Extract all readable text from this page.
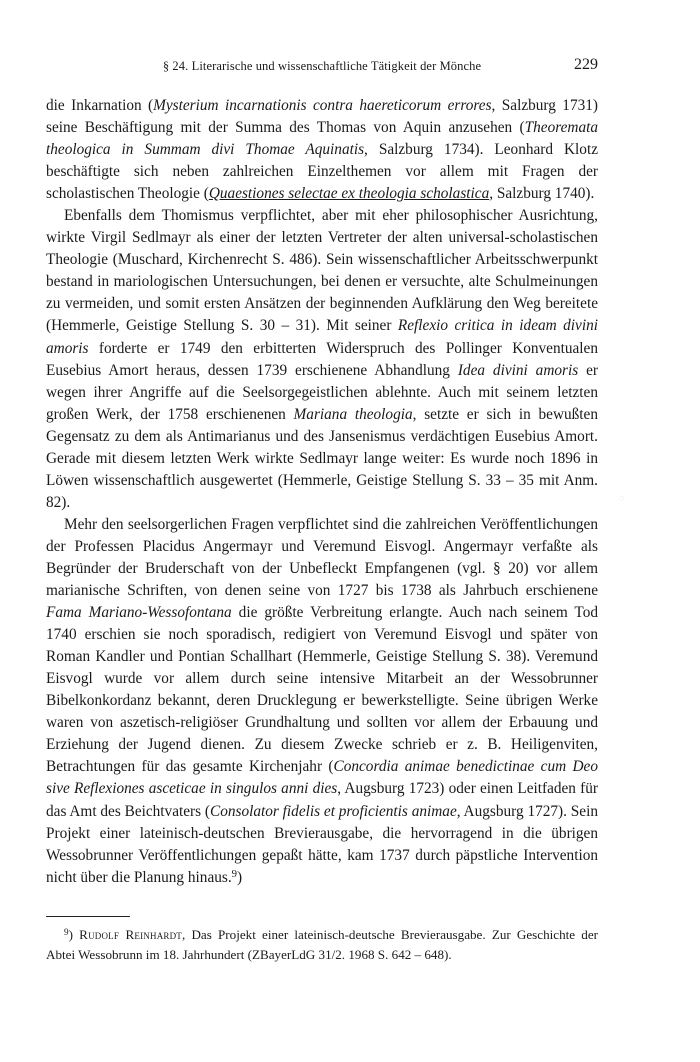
§ 24. Literarische und wissenschaftliche Tätigkeit der Mönche	229

die Inkarnation (Mysterium incarnationis contra haereticorum errores, Salzburg 1731) seine Beschäftigung mit der Summa des Thomas von Aquin anzusehen (Theoremata theologica in Summam divi Thomae Aquinatis, Salzburg 1734). Leonhard Klotz beschäftigte sich neben zahlreichen Einzelthemen vor allem mit Fragen der scholastischen Theologie (Quaestiones selectae ex theologia scholastica, Salzburg 1740).

Ebenfalls dem Thomismus verpflichtet, aber mit eher philosophischer Ausrichtung, wirkte Virgil Sedlmayr als einer der letzten Vertreter der alten universal-scholastischen Theologie (Muschard, Kirchenrecht S. 486). Sein wissenschaftlicher Arbeitsschwerpunkt bestand in mariologischen Untersuchungen, bei denen er versuchte, alte Schulmeinungen zu vermeiden, und somit ersten Ansätzen der beginnenden Aufklärung den Weg bereitete (Hemmerle, Geistige Stellung S. 30 – 31). Mit seiner Reflexio critica in ideam divini amoris forderte er 1749 den erbitterten Widerspruch des Pollinger Konventualen Eusebius Amort heraus, dessen 1739 erschienene Abhandlung Idea divini amoris er wegen ihrer Angriffe auf die Seelsorgegeistlichen ablehnte. Auch mit seinem letzten großen Werk, der 1758 erschienenen Mariana theologia, setzte er sich in bewußten Gegensatz zu dem als Antimarianus und des Jansenismus verdächtigen Eusebius Amort. Gerade mit diesem letzten Werk wirkte Sedlmayr lange weiter: Es wurde noch 1896 in Löwen wissenschaftlich ausgewertet (Hemmerle, Geistige Stellung S. 33 – 35 mit Anm. 82).

Mehr den seelsorgerlichen Fragen verpflichtet sind die zahlreichen Veröffentlichungen der Professen Placidus Angermayr und Veremund Eisvogl. Angermayr verfaßte als Begründer der Bruderschaft von der Unbefleckt Empfangenen (vgl. § 20) vor allem marianische Schriften, von denen seine von 1727 bis 1738 als Jahrbuch erschienene Fama Mariano-Wessofontana die größte Verbreitung erlangte. Auch nach seinem Tod 1740 erschien sie noch sporadisch, redigiert von Veremund Eisvogl und später von Roman Kandler und Pontian Schallhart (Hemmerle, Geistige Stellung S. 38). Veremund Eisvogl wurde vor allem durch seine intensive Mitarbeit an der Wessobrunner Bibelkonkordanz bekannt, deren Drucklegung er bewerkstelligte. Seine übrigen Werke waren von aszetisch-religiöser Grundhaltung und sollten vor allem der Erbauung und Erziehung der Jugend dienen. Zu diesem Zwecke schrieb er z. B. Heiligenviten, Betrachtungen für das gesamte Kirchenjahr (Concordia animae benedictinae cum Deo sive Reflexiones asceticae in singulos anni dies, Augsburg 1723) oder einen Leitfaden für das Amt des Beichtvaters (Consolator fidelis et proficientis animae, Augsburg 1727). Sein Projekt einer lateinisch-deutschen Brevierausgabe, die hervorragend in die übrigen Wessobrunner Veröffentlichungen gepaßt hätte, kam 1737 durch päpstliche Intervention nicht über die Planung hinaus.$^9$)

◌
$^9$) Rudolf Reinhardt, Das Projekt einer lateinisch-deutsche Brevierausgabe. Zur Geschichte der Abtei Wessobrunn im 18. Jahrhundert (ZBayerLdG 31/2. 1968 S. 642 – 648).
